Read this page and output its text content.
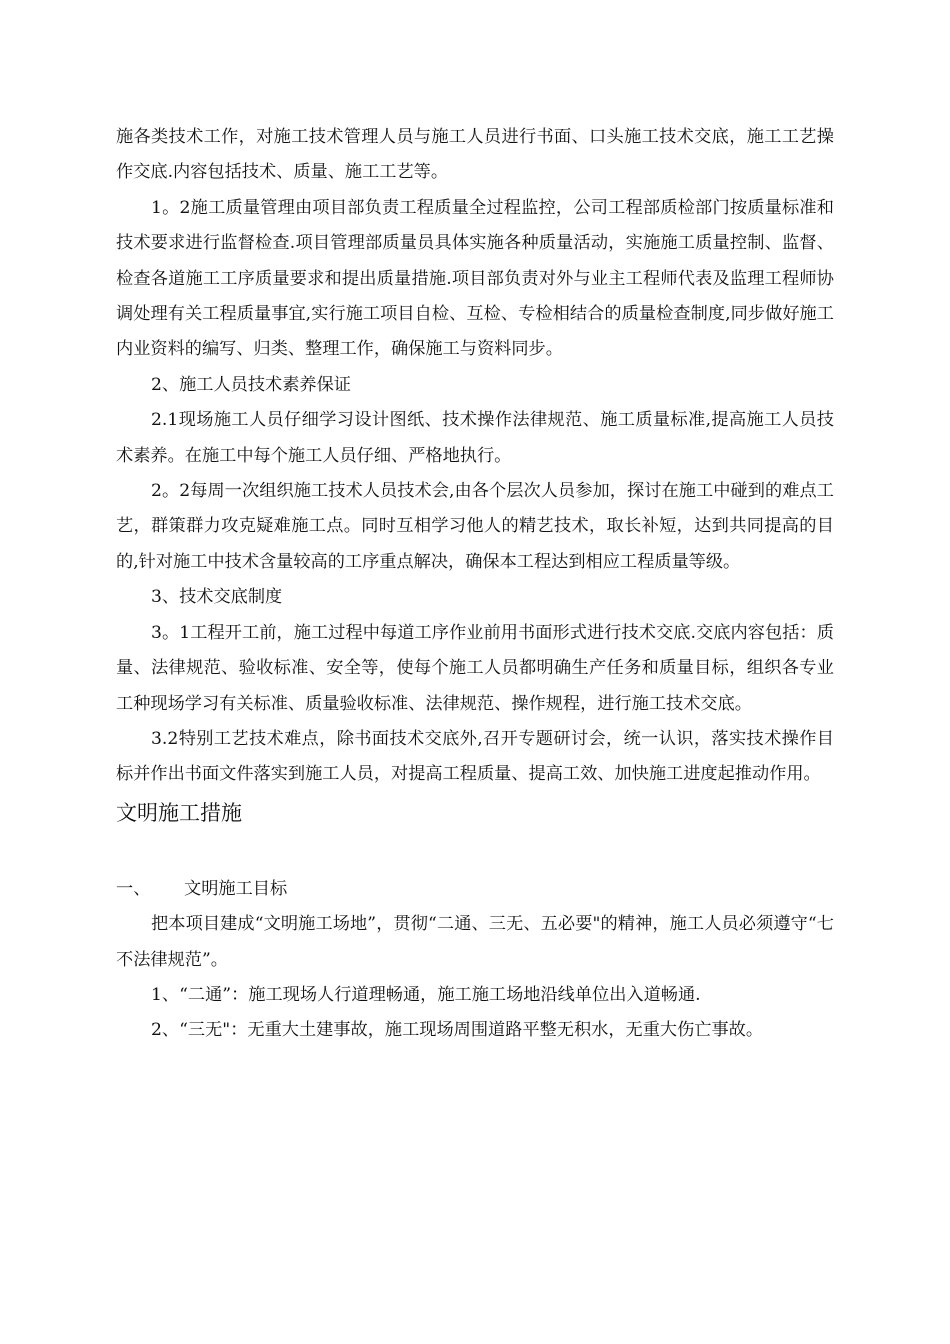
施各类技术工作，对施工技术管理人员与施工人员进行书面、口头施工技术交底，施工工艺操作交底.内容包括技术、质量、施工工艺等。

1。2施工质量管理由项目部负责工程质量全过程监控，公司工程部质检部门按质量标准和技术要求进行监督检查.项目管理部质量员具体实施各种质量活动，实施施工质量控制、监督、检查各道施工工序质量要求和提出质量措施.项目部负责对外与业主工程师代表及监理工程师协调处理有关工程质量事宜,实行施工项目自检、互检、专检相结合的质量检查制度,同步做好施工内业资料的编写、归类、整理工作，确保施工与资料同步。

2、施工人员技术素养保证

2.1现场施工人员仔细学习设计图纸、技术操作法律规范、施工质量标准,提高施工人员技术素养。在施工中每个施工人员仔细、严格地执行。

2。2每周一次组织施工技术人员技术会,由各个层次人员参加，探讨在施工中碰到的难点工艺，群策群力攻克疑难施工点。同时互相学习他人的精艺技术，取长补短，达到共同提高的目的,针对施工中技术含量较高的工序重点解决，确保本工程达到相应工程质量等级。

3、技术交底制度

3。1工程开工前，施工过程中每道工序作业前用书面形式进行技术交底.交底内容包括：质量、法律规范、验收标准、安全等，使每个施工人员都明确生产任务和质量目标，组织各专业工种现场学习有关标准、质量验收标准、法律规范、操作规程，进行施工技术交底。

3.2特别工艺技术难点，除书面技术交底外,召开专题研讨会，统一认识，落实技术操作目标并作出书面文件落实到施工人员，对提高工程质量、提高工效、加快施工进度起推动作用。

文明施工措施
一、	文明施工目标

把本项目建成“文明施工场地”，贯彻“二通、三无、五必要"的精神，施工人员必须遵守“七不法律规范”。

1、“二通”：施工现场人行道理畅通，施工施工场地沿线单位出入道畅通.

2、“三无"：无重大土建事故，施工现场周围道路平整无积水，无重大伤亡事故。
